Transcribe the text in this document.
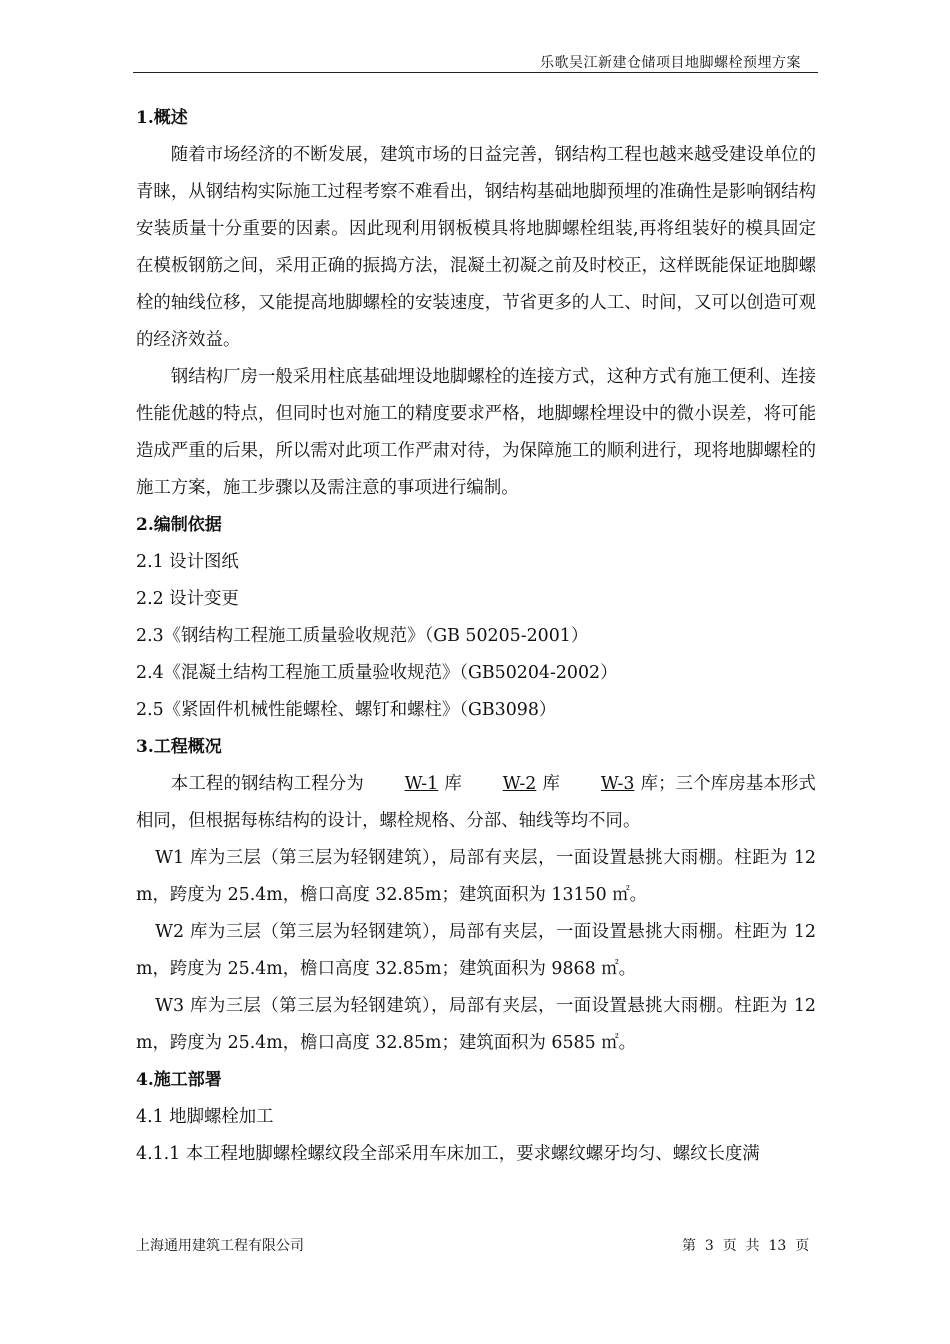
乐歌吴江新建仓储项目地脚螺栓预埋方案

1.概述

随着市场经济的不断发展，建筑市场的日益完善，钢结构工程也越来越受建设单位的青睐，从钢结构实际施工过程考察不难看出，钢结构基础地脚预埋的准确性是影响钢结构安装质量十分重要的因素。因此现利用钢板模具将地脚螺栓组装,再将组装好的模具固定在模板钢筋之间，采用正确的振捣方法，混凝土初凝之前及时校正，这样既能保证地脚螺栓的轴线位移，又能提高地脚螺栓的安装速度，节省更多的人工、时间，又可以创造可观的经济效益。

钢结构厂房一般采用柱底基础埋设地脚螺栓的连接方式，这种方式有施工便利、连接性能优越的特点，但同时也对施工的精度要求严格，地脚螺栓埋设中的微小误差，将可能造成严重的后果，所以需对此项工作严肃对待，为保障施工的顺利进行，现将地脚螺栓的施工方案，施工步骤以及需注意的事项进行编制。

2.编制依据

2.1 设计图纸

2.2 设计变更

2.3《钢结构工程施工质量验收规范》（GB 50205-2001）

2.4《混凝土结构工程施工质量验收规范》（GB50204-2002）

2.5《紧固件机械性能螺栓、螺钉和螺柱》（GB3098）

3.工程概况

本工程的钢结构工程分为 W-1 库 W-2 库 W-3 库；三个库房基本形式相同，但根据每栋结构的设计，螺栓规格、分部、轴线等均不同。

W1 库为三层（第三层为轻钢建筑），局部有夹层，一面设置悬挑大雨棚。柱距为 12m，跨度为 25.4m，檐口高度 32.85m；建筑面积为 13150 ㎡。

W2 库为三层（第三层为轻钢建筑），局部有夹层，一面设置悬挑大雨棚。柱距为 12m，跨度为 25.4m，檐口高度 32.85m；建筑面积为 9868 ㎡。

W3 库为三层（第三层为轻钢建筑），局部有夹层，一面设置悬挑大雨棚。柱距为 12m，跨度为 25.4m，檐口高度 32.85m；建筑面积为 6585 ㎡。

4.施工部署

4.1 地脚螺栓加工

4.1.1 本工程地脚螺栓螺纹段全部采用车床加工，要求螺纹螺牙均匀、螺纹长度满

上海通用建筑工程有限公司	第  3  页  共  13  页
